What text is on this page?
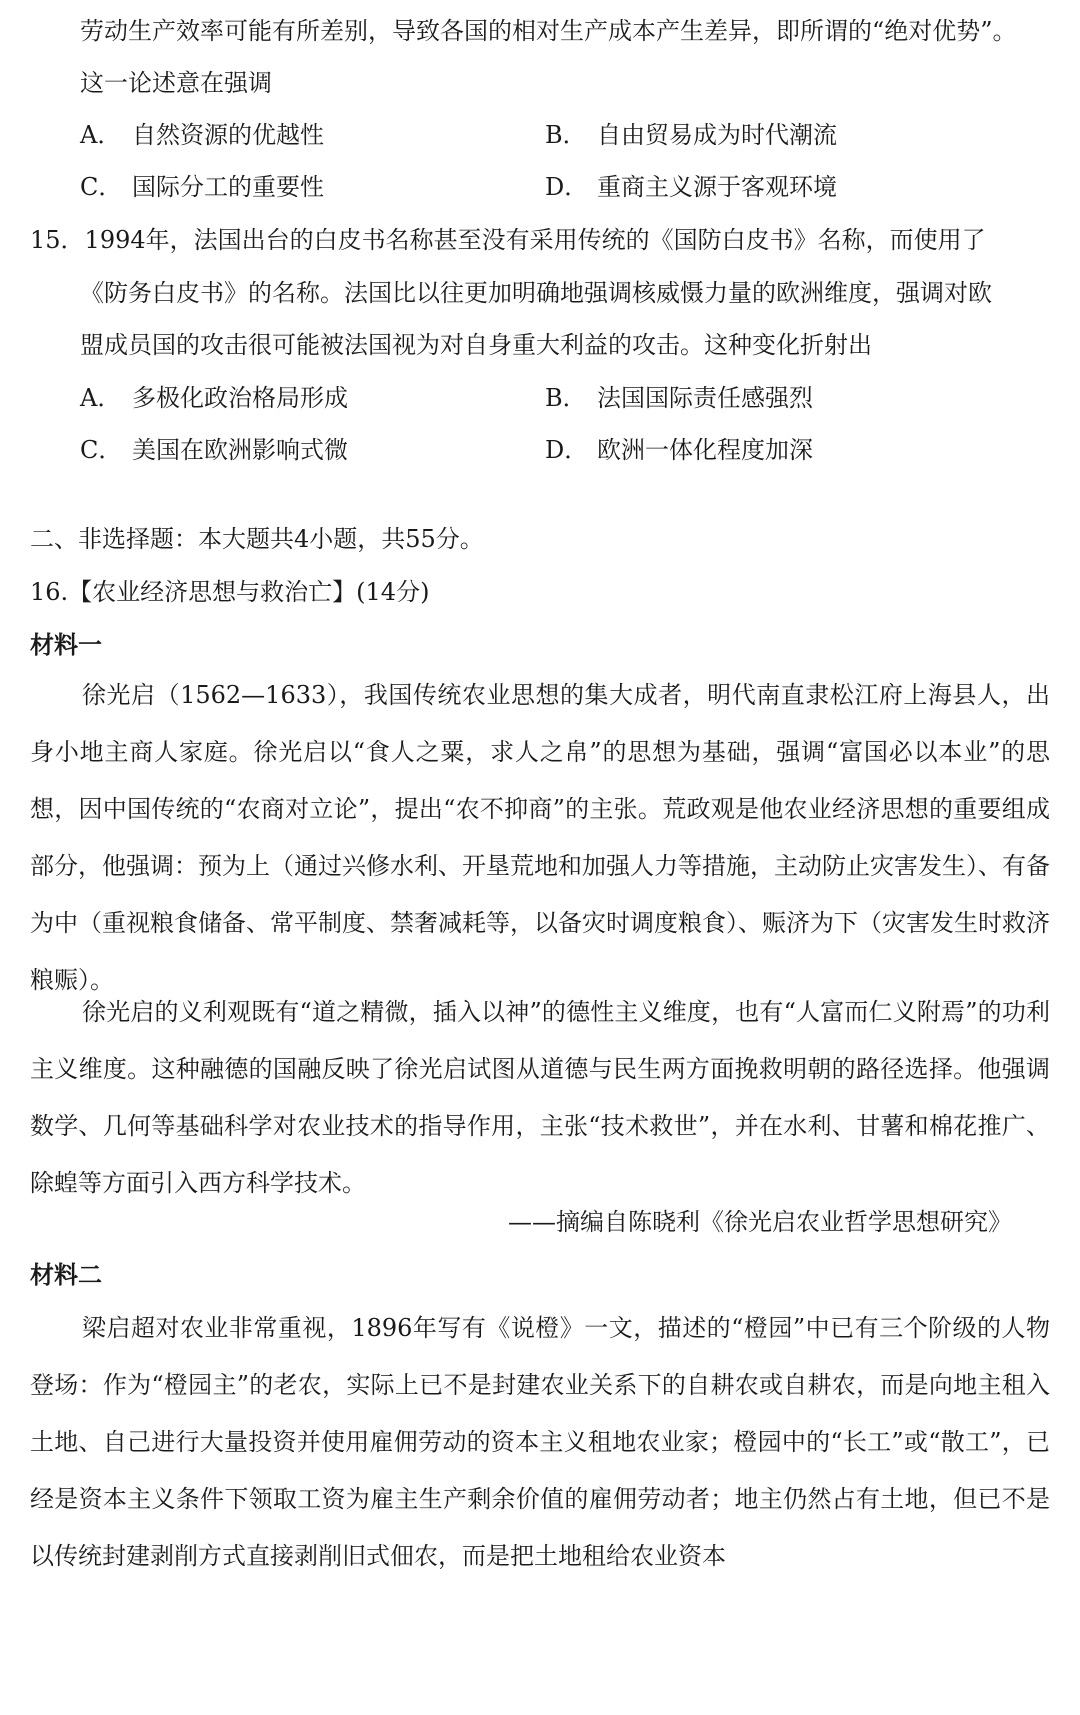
劳动生产效率可能有所差别，导致各国的相对生产成本产生差异，即所谓的“绝对优势”。
这一论述意在强调
A． 自然资源的优越性	B． 自由贸易成为时代潮流
C． 国际分工的重要性	D． 重商主义源于客观环境
15．1994年，法国出台的白皮书名称甚至没有采用传统的《国防白皮书》名称，而使用了
《防务白皮书》的名称。法国比以往更加明确地强调核威慑力量的欧洲维度，强调对欧
盟成员国的攻击很可能被法国视为对自身重大利益的攻击。这种变化折射出
A． 多极化政治格局形成	B． 法国国际责任感强烈
C． 美国在欧洲影响式微	D． 欧洲一体化程度加深
二、非选择题：本大题共4小题，共55分。
16.【农业经济思想与救治亡】(14分)
材料一
徐光启（1562—1633），我国传统农业思想的集大成者，明代南直隶松江府上海县人，出身小地主商人家庭。徐光启以“食人之粟，求人之帛”的思想为基础，强调“富国必以本业”的思想，因中国传统的“农商对立论”，提出“农不抑商”的主张。荒政观是他农业经济思想的重要组成部分，他强调：预为上（通过兴修水利、开垦荒地和加强人力等措施，主动防止灾害发生）、有备为中（重视粮食储备、常平制度、禁奢减耗等，以备灾时调度粮食）、赈济为下（灾害发生时救济粮赈）。
徐光启的义利观既有“道之精微，插入以神”的德性主义维度，也有“人富而仁义附焉”的功利主义维度。这种融德的国融反映了徐光启试图从道德与民生两方面挽救明朝的路径选择。他强调数学、几何等基础科学对农业技术的指导作用，主张“技术救世”，并在水利、甘薯和棉花推广、除蝗等方面引入西方科学技术。
——摘编自陈晓利《徐光启农业哲学思想研究》
材料二
梁启超对农业非常重视，1896年写有《说橙》一文，描述的“橙园”中已有三个阶级的人物登场：作为“橙园主”的老农，实际上已不是封建农业关系下的自耕农或自耕农，而是向地主租入土地、自己进行大量投资并使用雇佣劳动的资本主义租地农业家；橙园中的“长工”或“散工”，已经是资本主义条件下领取工资为雇主生产剩余价值的雇佣劳动者；地主仍然占有土地，但已不是以传统封建剥削方式直接剥削旧式佃农，而是把土地租给农业资本
